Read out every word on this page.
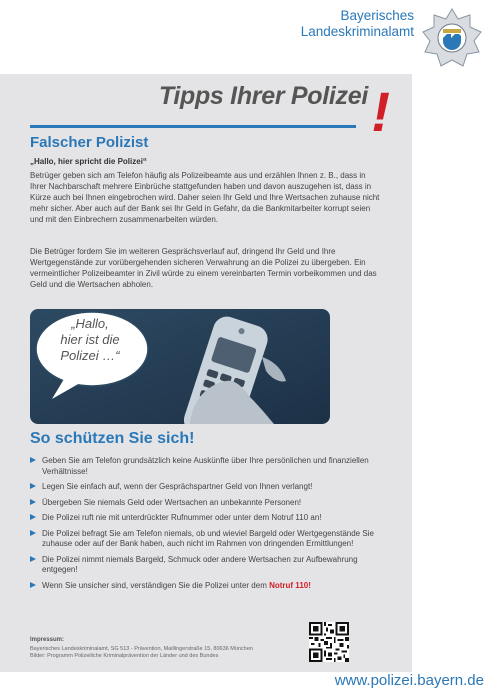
Bayerisches
Landeskriminalamt
Tipps Ihrer Polizei !
Falscher Polizist
„Hallo, hier spricht die Polizei“

Betrüger geben sich am Telefon häufig als Polizeibeamte aus und erzählen Ihnen z. B., dass in Ihrer Nachbarschaft mehrere Einbrüche stattgefunden haben und davon auszugehen ist, dass in Kürze auch bei Ihnen eingebrochen wird. Daher seien Ihr Geld und Ihre Wertsachen zuhause nicht mehr sicher. Aber auch auf der Bank sei Ihr Geld in Gefahr, da die Bankmitarbeiter korrupt seien und mit den Einbrechern zusammenarbeiten würden.

Die Betrüger fordern Sie im weiteren Gesprächsverlauf auf, dringend Ihr Geld und Ihre Wertgegenstände zur vorübergehenden sicheren Verwahrung an die Polizei zu übergeben. Ein vermeintlicher Polizeibeamter in Zivil würde zu einem vereinbarten Termin vorbeikommen und das Geld und die Wertsachen abholen.

„Hallo,
hier ist die
Polizei …“
So schützen Sie sich!
Geben Sie am Telefon grundsätzlich keine Auskünfte über Ihre persönlichen und finanziellen Verhältnisse!
Legen Sie einfach auf, wenn der Gesprächspartner Geld von Ihnen verlangt!
Übergeben Sie niemals Geld oder Wertsachen an unbekannte Personen!
Die Polizei ruft nie mit unterdrückter Rufnummer oder unter dem Notruf 110 an!
Die Polizei befragt Sie am Telefon niemals, ob und wieviel Bargeld oder Wertgegenstände Sie zuhause oder auf der Bank haben, auch nicht im Rahmen von dringenden Ermittlungen!
Die Polizei nimmt niemals Bargeld, Schmuck oder andere Wertsachen zur Aufbewahrung entgegen!
Wenn Sie unsicher sind, verständigen Sie die Polizei unter dem Notruf 110!
Impressum:
Bayerisches Landeskriminalamt, SG 513 - Prävention, Maillingerstraße 15, 80636 München
Bilder: Programm Polizeiliche Kriminalprävention der Länder und des Bundes
www.polizei.bayern.de
